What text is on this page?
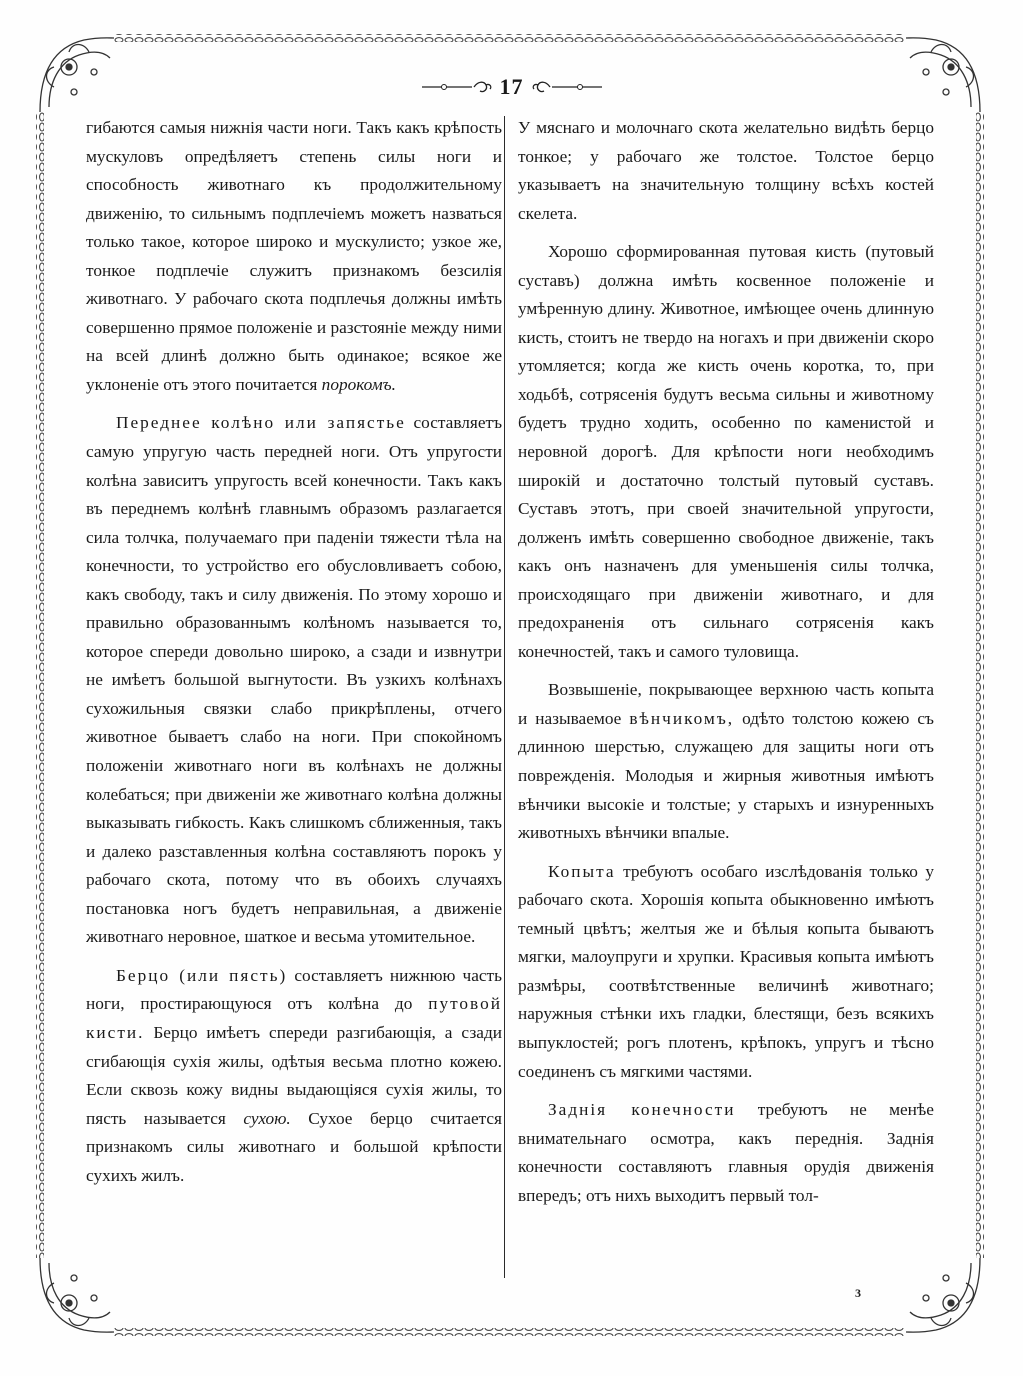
17

гибаются самыя нижнія части ноги. Такъ какъ крѣпость мускуловъ опредѣляетъ степень силы ноги и способность животнаго къ продолжительному движенію, то сильнымъ подплечіемъ можетъ назваться только такое, которое широко и мускулисто; узкое же, тонкое подплечіе служитъ признакомъ безсилія животнаго. У рабочаго скота подплечья должны имѣть совершенно прямое положеніе и разстояніе между ними на всей длинѣ должно быть одинакое; всякое же уклоненіе отъ этого почитается порокомъ.

Переднее колѣно или запястье составляетъ самую упругую часть передней ноги. Отъ упругости колѣна зависитъ упругость всей конечности. Такъ какъ въ переднемъ колѣнѣ главнымъ образомъ разлагается сила толчка, получаемаго при паденіи тяжести тѣла на конечности, то устройство его обусловливаетъ собою, какъ свободу, такъ и силу движенія. По этому хорошо и правильно образованнымъ колѣномъ называется то, которое спереди довольно широко, а сзади и извнутри не имѣетъ большой выгнутости. Въ узкихъ колѣнахъ сухожильныя связки слабо прикрѣплены, отчего животное бываетъ слабо на ноги. При спокойномъ положеніи животнаго ноги въ колѣнахъ не должны колебаться; при движеніи же животнаго колѣна должны выказывать гибкость. Какъ слишкомъ сближенныя, такъ и далеко разставленныя колѣна составляютъ порокъ у рабочаго скота, потому что въ обоихъ случаяхъ постановка ногъ будетъ неправильная, а движеніе животнаго неровное, шаткое и весьма утомительное.

Берцо (или пясть) составляетъ нижнюю часть ноги, простирающуюся отъ колѣна до путовой кисти. Берцо имѣетъ спереди разгибающія, а сзади сгибающія сухія жилы, одѣтыя весьма плотно кожею. Если сквозь кожу видны выдающіяся сухія жилы, то пясть называется сухою. Сухое берцо считается признакомъ силы животнаго и большой крѣпости сухихъ жилъ.

У мяснаго и молочнаго скота желательно видѣть берцо тонкое; у рабочаго же толстое. Толстое берцо указываетъ на значительную толщину всѣхъ костей скелета.

Хорошо сформированная путовая кисть (путовый суставъ) должна имѣть косвенное положеніе и умѣренную длину. Животное, имѣющее очень длинную кисть, стоитъ не твердо на ногахъ и при движеніи скоро утомляется; когда же кисть очень коротка, то, при ходьбѣ, сотрясенія будутъ весьма сильны и животному будетъ трудно ходить, особенно по каменистой и неровной дорогѣ. Для крѣпости ноги необходимъ широкій и достаточно толстый путовый суставъ. Суставъ этотъ, при своей значительной упругости, долженъ имѣть совершенно свободное движеніе, такъ какъ онъ назначенъ для уменьшенія силы толчка, происходящаго при движеніи животнаго, и для предохраненія отъ сильнаго сотрясенія какъ конечностей, такъ и самого туловища.

Возвышеніе, покрывающее верхнюю часть копыта и называемое вѣнчикомъ, одѣто толстою кожею съ длинною шерстью, служащею для защиты ноги отъ поврежденія. Молодыя и жирныя животныя имѣютъ вѣнчики высокіе и толстые; у старыхъ и изнуренныхъ животныхъ вѣнчики впалые.

Копыта требуютъ особаго изслѣдованія только у рабочаго скота. Хорошія копыта обыкновенно имѣютъ темный цвѣтъ; желтыя же и бѣлыя копыта бываютъ мягки, малоупруги и хрупки. Красивыя копыта имѣютъ размѣры, соотвѣтственные величинѣ животнаго; наружныя стѣнки ихъ гладки, блестящи, безъ всякихъ выпуклостей; рогъ плотенъ, крѣпокъ, упругъ и тѣсно соединенъ съ мягкими частями.

Заднія конечности требуютъ не менѣе внимательнаго осмотра, какъ переднія. Заднія конечности составляютъ главныя орудія движенія впередъ; отъ нихъ выходитъ первый тол-

3
